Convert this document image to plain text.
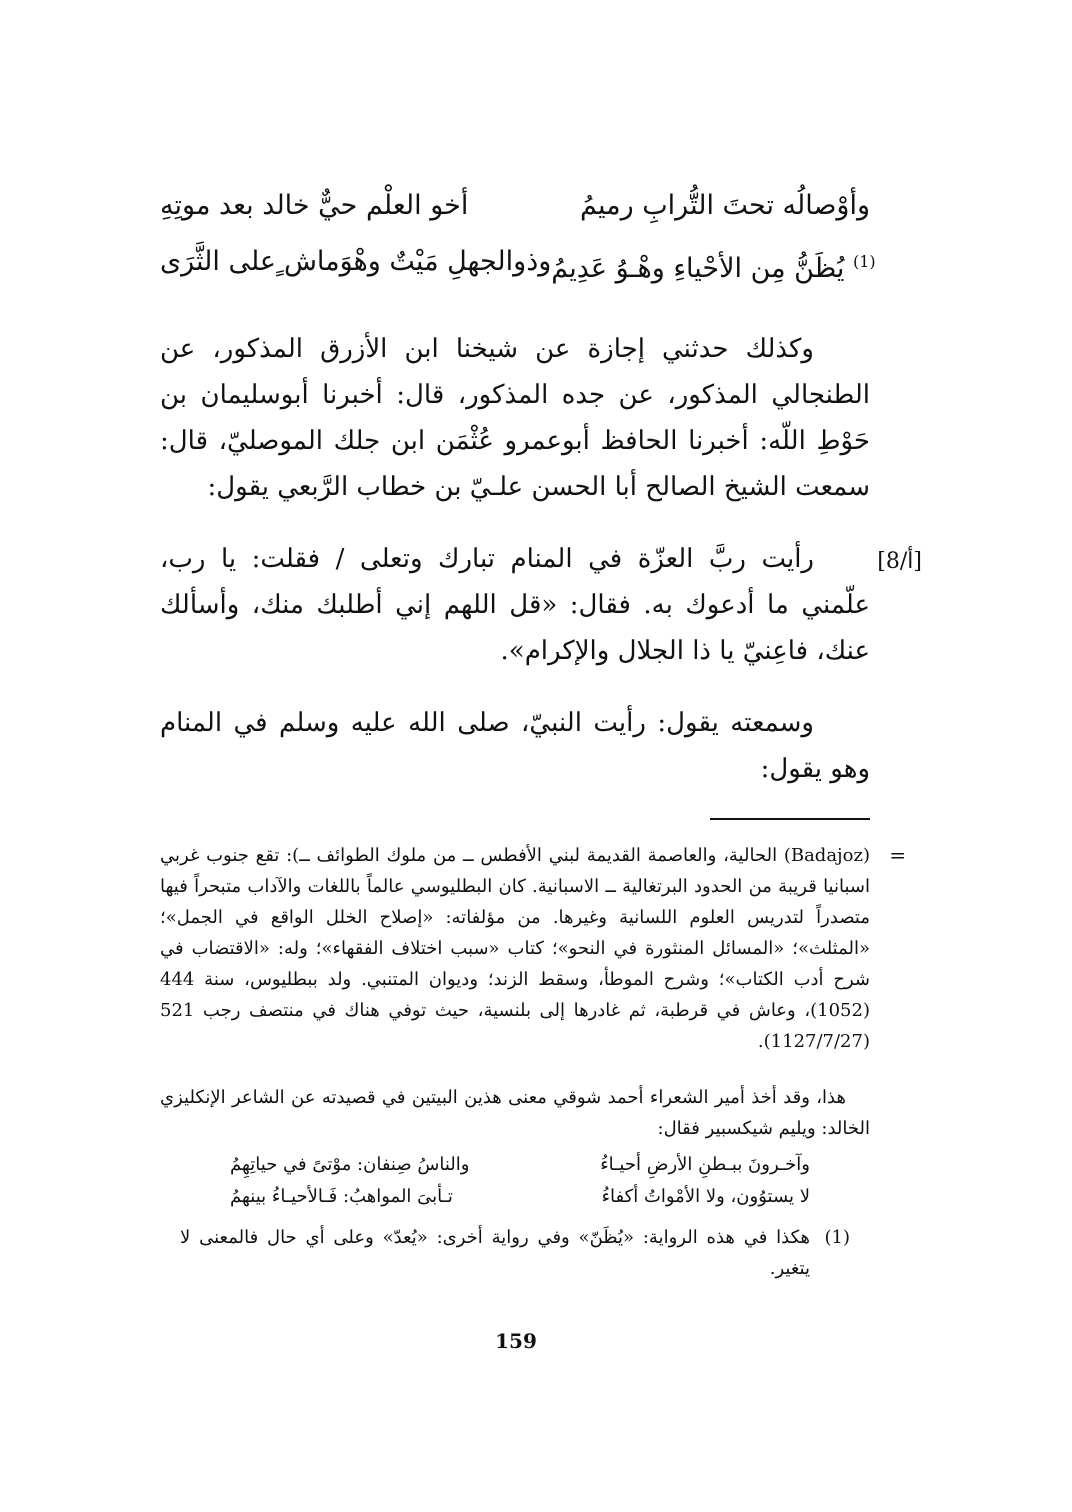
أخو العلْم حيٌّ خالد بعد موتِهِ	وأوْصالُه تحتَ التُّرابِ رميمُ
وذوالجهلِ مَيْتٌ وهْوَماش ٍعلى الثَّرَى	$^{(1)}$ يُظَنُّ مِن الأحْياءِ وهْـوُ عَدِيمُ
وكذلك حدثني إجازة عن شيخنا ابن الأزرق المذكور، عن الطنجالي المذكور، عن جده المذكور، قال: أخبرنا أبوسليمان بن حَوْطِ اللّه: أخبرنا الحافظ أبوعمرو عُثْمَن ابن جلك الموصليّ، قال: سمعت الشيخ الصالح أبا الحسن علـيّ بن خطاب الرَّبعي يقول:
[8/أ]
رأيت ربَّ العزّة في المنام تبارك وتعلى / فقلت: يا رب، علّمني ما أدعوك به. فقال: «قل اللهم إني أطلبك منك، وأسألك عنك، فاعِنيّ يا ذا الجلال والإكرام».
وسمعته يقول: رأيت النبيّ، صلى الله عليه وسلم في المنام وهو يقول:
=
(Badajoz) الحالية، والعاصمة القديمة لبني الأفطس ــ من ملوك الطوائف ــ): تقع جنوب غربي اسبانيا قريبة من الحدود البرتغالية ــ الاسبانية. كان البطليوسي عالماً باللغات والآداب متبحراً فيها متصدراً لتدريس العلوم اللسانية وغيرها. من مؤلفاته: «إصلاح الخلل الواقع في الجمل»؛ «المثلث»؛ «المسائل المنثورة في النحو»؛ كتاب «سبب اختلاف الفقهاء»؛ وله: «الاقتضاب في شرح أدب الكتاب»؛ وشرح الموطأ، وسقط الزند؛ وديوان المتنبي. ولد ببطليوس، سنة 444 (1052)، وعاش في قرطبة، ثم غادرها إلى بلنسية، حيث توفي هناك في منتصف رجب 521 (1127/7/27).
هذا، وقد أخذ أمير الشعراء أحمد شوقي معنى هذين البيتين في قصيدته عن الشاعر الإنكليزي الخالد: ويليم شيكسبير فقال:
والناسُ صِنفان: موْتىً في حياتِهِمُ	وآخـرونَ ببـطنِ الأرضِ أحيـاءُ
تـأبىَ المواهبُ: فَـالأحيـاءُ بينهمُ	لا يستوُون، ولا الأمْواتُ أكفاءُ
(1)
هكذا في هذه الرواية: «يُظَنّ» وفي رواية أخرى: «يُعدّ» وعلى أي حال فالمعنى لا يتغير.
159
